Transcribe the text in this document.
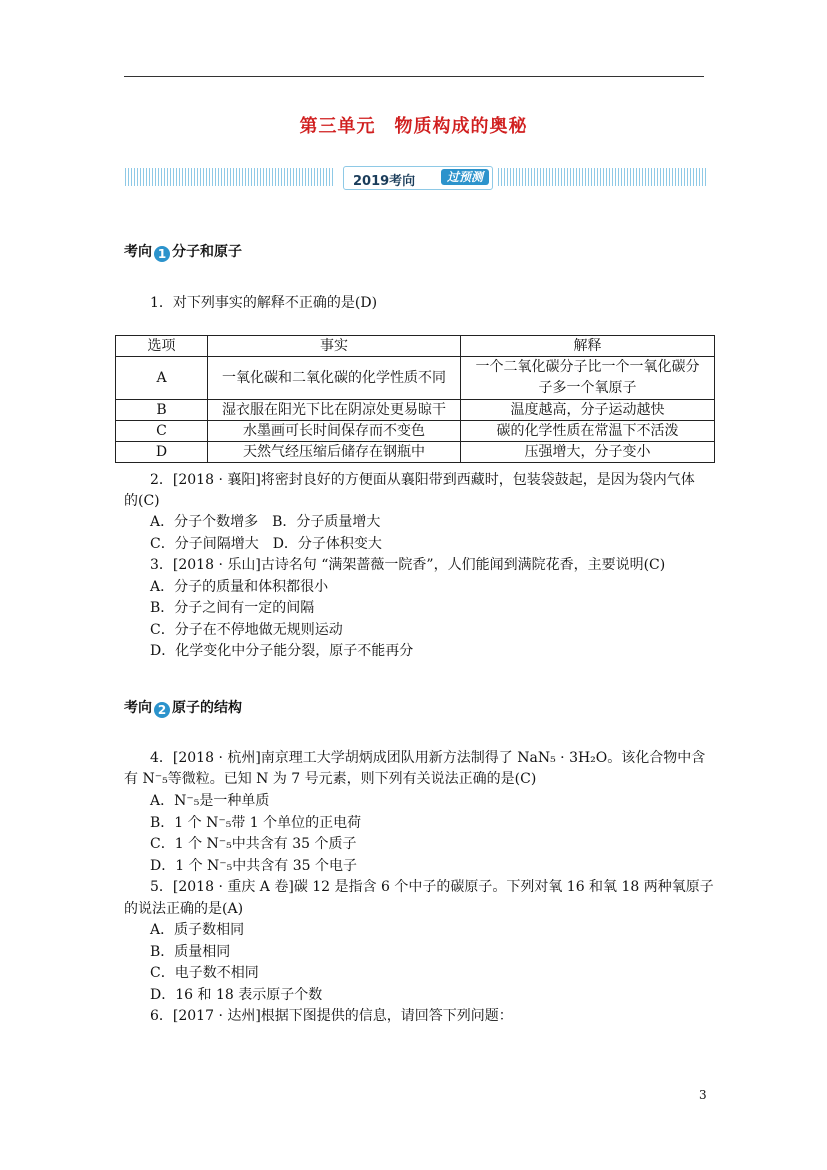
第三单元　物质构成的奥秘
2019考向	过预测
考向 1 分子和原子
1．对下列事实的解释不正确的是(D)
选项	事实	解释
A	一氧化碳和二氧化碳的化学性质不同	一个二氧化碳分子比一个一氧化碳分
子多一个氧原子
B	湿衣服在阳光下比在阴凉处更易晾干	温度越高，分子运动越快
C	水墨画可长时间保存而不变色	碳的化学性质在常温下不活泼
D	天然气经压缩后储存在钢瓶中	压强增大，分子变小
2．[2018 · 襄阳]将密封良好的方便面从襄阳带到西藏时，包装袋鼓起，是因为袋内气体
的(C)
A．分子个数增多　B．分子质量增大
C．分子间隔增大　D．分子体积变大
3．[2018 · 乐山]古诗名句 “满架蔷薇一院香”，人们能闻到满院花香，主要说明(C)
A．分子的质量和体积都很小
B．分子之间有一定的间隔
C．分子在不停地做无规则运动
D．化学变化中分子能分裂，原子不能再分
考向 2 原子的结构
4．[2018 · 杭州]南京理工大学胡炳成团队用新方法制得了 NaN₅ · 3H₂O。该化合物中含
有 N⁻₅等微粒。已知 N 为 7 号元素，则下列有关说法正确的是(C)
A．N⁻₅是一种单质
B．1 个 N⁻₅带 1 个单位的正电荷
C．1 个 N⁻₅中共含有 35 个质子
D．1 个 N⁻₅中共含有 35 个电子
5．[2018 · 重庆 A 卷]碳 12 是指含 6 个中子的碳原子。下列对氧 16 和氧 18 两种氧原子
的说法正确的是(A)
A．质子数相同
B．质量相同
C．电子数不相同
D．16 和 18 表示原子个数
6．[2017 · 达州]根据下图提供的信息，请回答下列问题：
3
